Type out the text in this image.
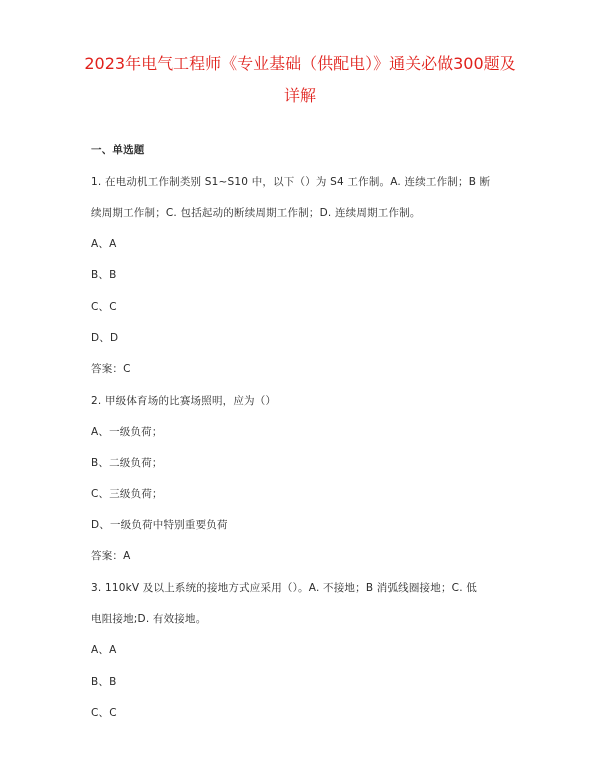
2023年电气工程师《专业基础（供配电）》通关必做300题及
详解
一、单选题
1. 在电动机工作制类别 S1~S10 中，以下（）为 S4 工作制。A. 连续工作制；B 断
续周期工作制；C. 包括起动的断续周期工作制；D. 连续周期工作制。
A、A
B、B
C、C
D、D
答案：C
2. 甲级体育场的比赛场照明，应为（）
A、一级负荷；
B、二级负荷；
C、三级负荷；
D、一级负荷中特别重要负荷
答案：A
3. 110kV 及以上系统的接地方式应采用（）。A. 不接地；B 消弧线圈接地；C. 低
电阻接地;D. 有效接地。
A、A
B、B
C、C
